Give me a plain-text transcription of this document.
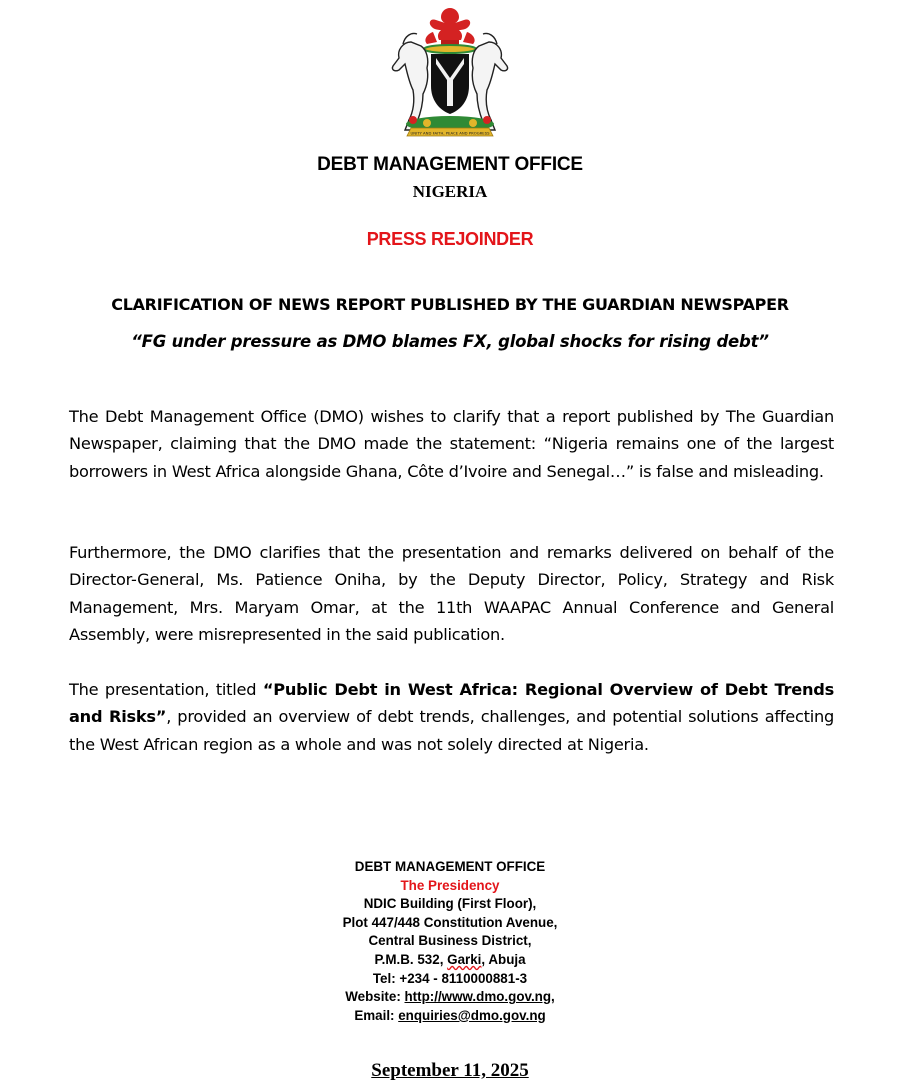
UNITY AND FAITH, PEACE AND PROGRESS
DEBT MANAGEMENT OFFICE
NIGERIA
PRESS REJOINDER
CLARIFICATION OF NEWS REPORT PUBLISHED BY THE GUARDIAN NEWSPAPER
“FG under pressure as DMO blames FX, global shocks for rising debt”

The Debt Management Office (DMO) wishes to clarify that a report published by The Guardian Newspaper, claiming that the DMO made the statement: “Nigeria remains one of the largest borrowers in West Africa alongside Ghana, Côte d’Ivoire and Senegal…” is false and misleading.

Furthermore, the DMO clarifies that the presentation and remarks delivered on behalf of the Director-General, Ms. Patience Oniha, by the Deputy Director, Policy, Strategy and Risk Management, Mrs. Maryam Omar, at the 11th WAAPAC Annual Conference and General Assembly, were misrepresented in the said publication.

The presentation, titled “Public Debt in West Africa: Regional Overview of Debt Trends and Risks”, provided an overview of debt trends, challenges, and potential solutions affecting the West African region as a whole and was not solely directed at Nigeria.

DEBT MANAGEMENT OFFICE
The Presidency
NDIC Building (First Floor),
Plot 447/448 Constitution Avenue,
Central Business District,
P.M.B. 532, Garki, Abuja
Tel: +234 - 8110000881-3
Website: http://www.dmo.gov.ng,
Email: enquiries@dmo.gov.ng
September 11, 2025
